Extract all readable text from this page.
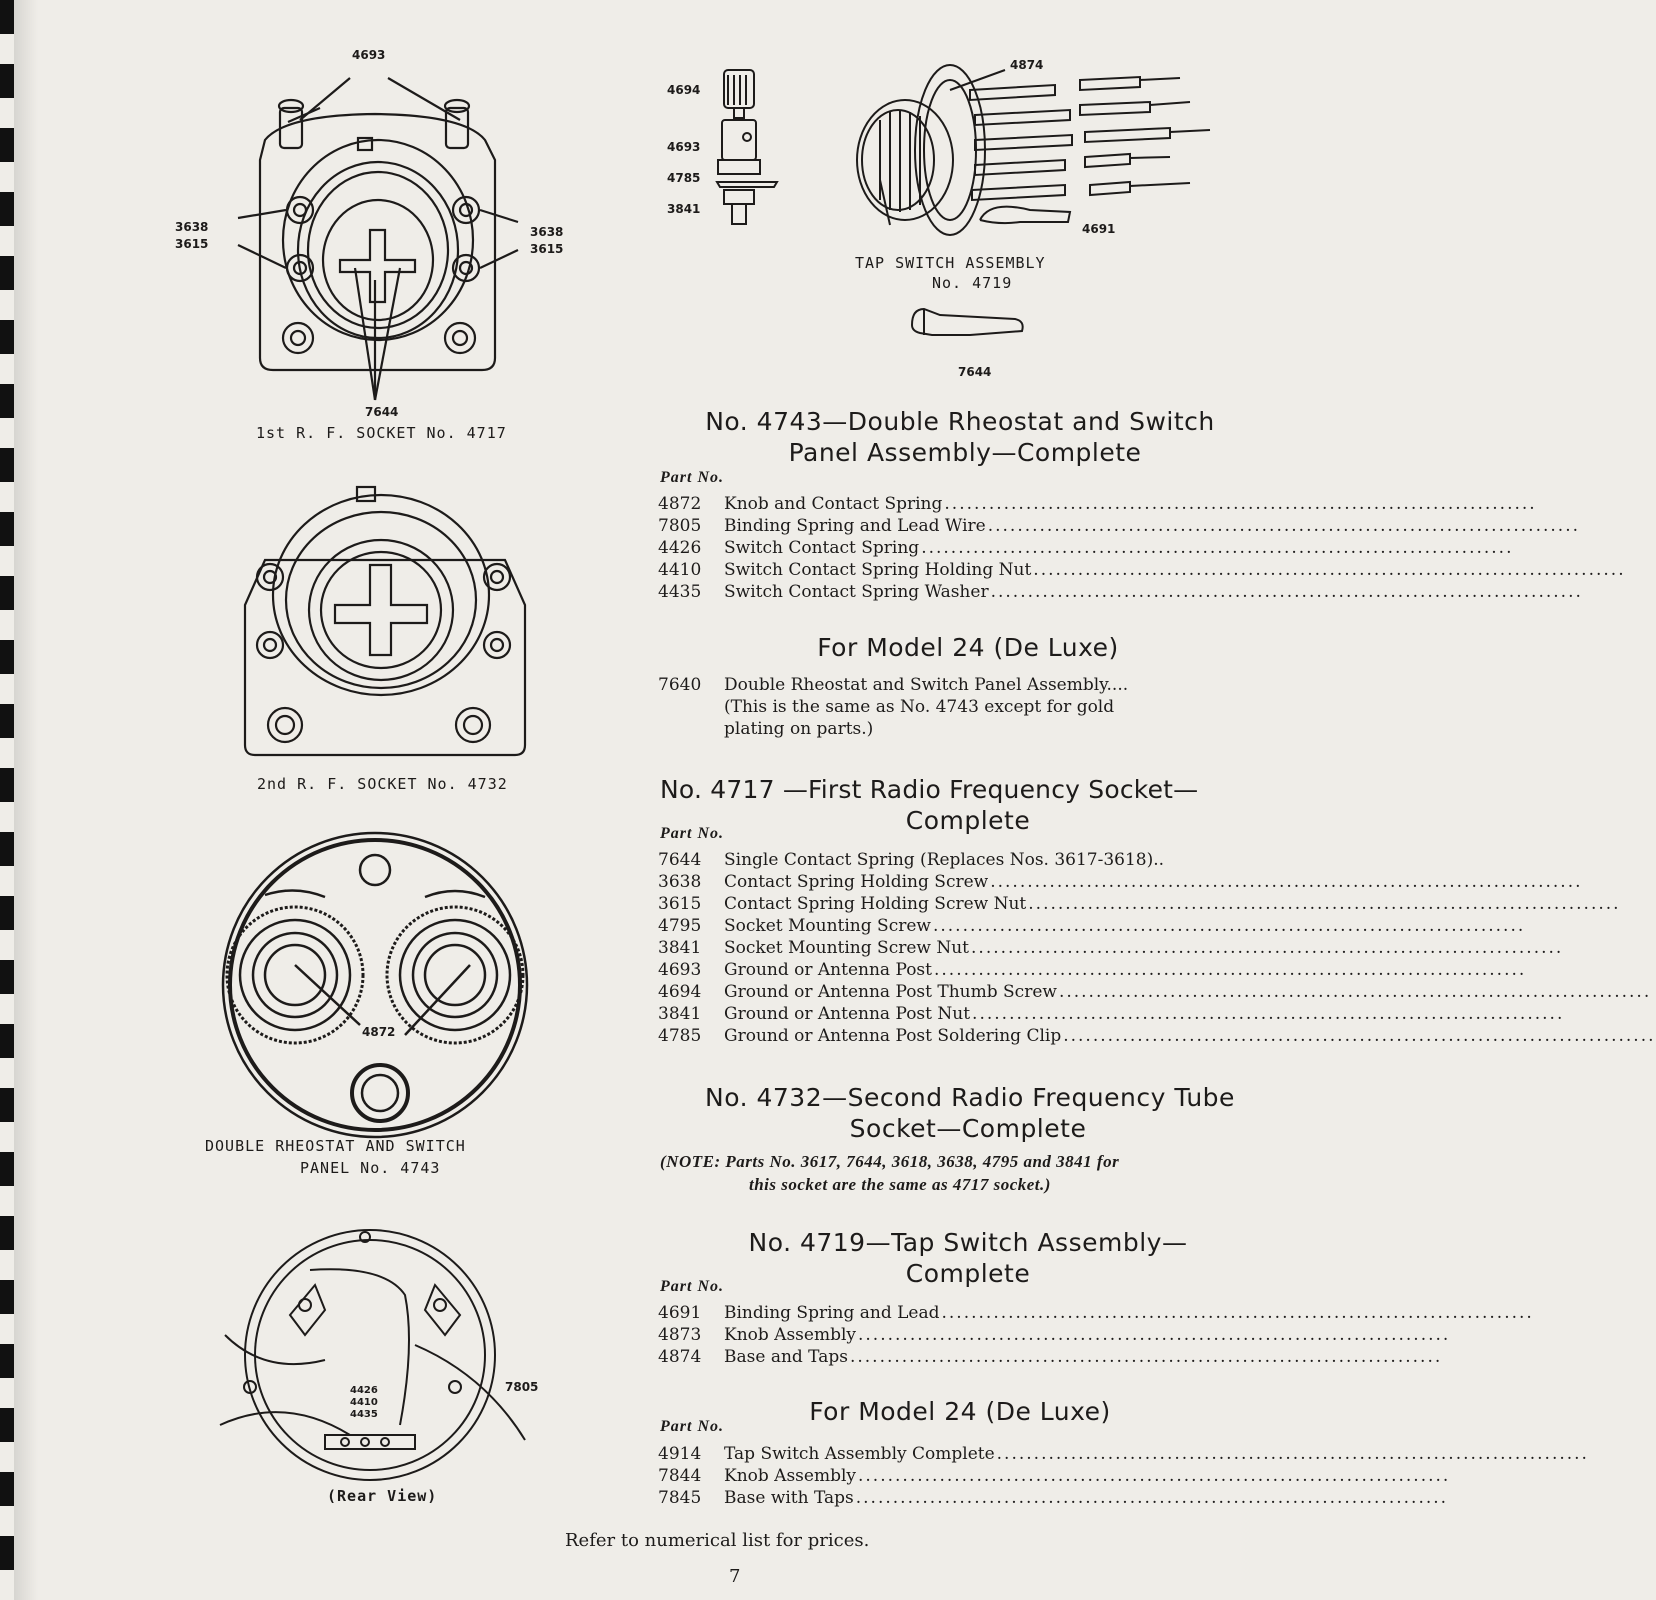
4693
3638
3615
3638
3615
7644
1st R. F. SOCKET No. 4717
2nd R. F. SOCKET No. 4732
4872
DOUBLE RHEOSTAT AND SWITCH
PANEL No. 4743
4426
4410
4435
7805
(Rear View)
4694
4693
4785
3841
4874
4691
TAP SWITCH ASSEMBLY
No. 4719
7644
No. 4743—Double Rheostat and Switch
Panel Assembly—Complete
Part No.
4872	Knob and Contact Spring ................................................................................
7805	Binding Spring and Lead Wire ................................................................................
4426	Switch Contact Spring ................................................................................
4410	Switch Contact Spring Holding Nut ................................................................................
4435	Switch Contact Spring Washer ................................................................................
For Model 24 (De Luxe)
7640 Double Rheostat and Switch Panel Assembly....
(This is the same as No. 4743 except for gold
plating on parts.)
No. 4717 —First Radio Frequency Socket—
Complete
Part No.
7644	Single Contact Spring (Replaces Nos. 3617-3618)..
3638	Contact Spring Holding Screw ................................................................................
3615	Contact Spring Holding Screw Nut ................................................................................
4795	Socket Mounting Screw ................................................................................
3841	Socket Mounting Screw Nut ................................................................................
4693	Ground or Antenna Post ................................................................................
4694	Ground or Antenna Post Thumb Screw ................................................................................
3841	Ground or Antenna Post Nut ................................................................................
4785	Ground or Antenna Post Soldering Clip ................................................................................
No. 4732—Second Radio Frequency Tube
Socket—Complete
(NOTE: Parts No. 3617, 7644, 3618, 3638, 4795 and 3841 for
this socket are the same as 4717 socket.)
No. 4719—Tap Switch Assembly—
Complete
Part No.
4691	Binding Spring and Lead ................................................................................
4873	Knob Assembly ................................................................................
4874	Base and Taps ................................................................................
For Model 24 (De Luxe)
Part No.
4914	Tap Switch Assembly Complete ................................................................................
7844	Knob Assembly ................................................................................
7845	Base with Taps ................................................................................
Refer to numerical list for prices.
7
